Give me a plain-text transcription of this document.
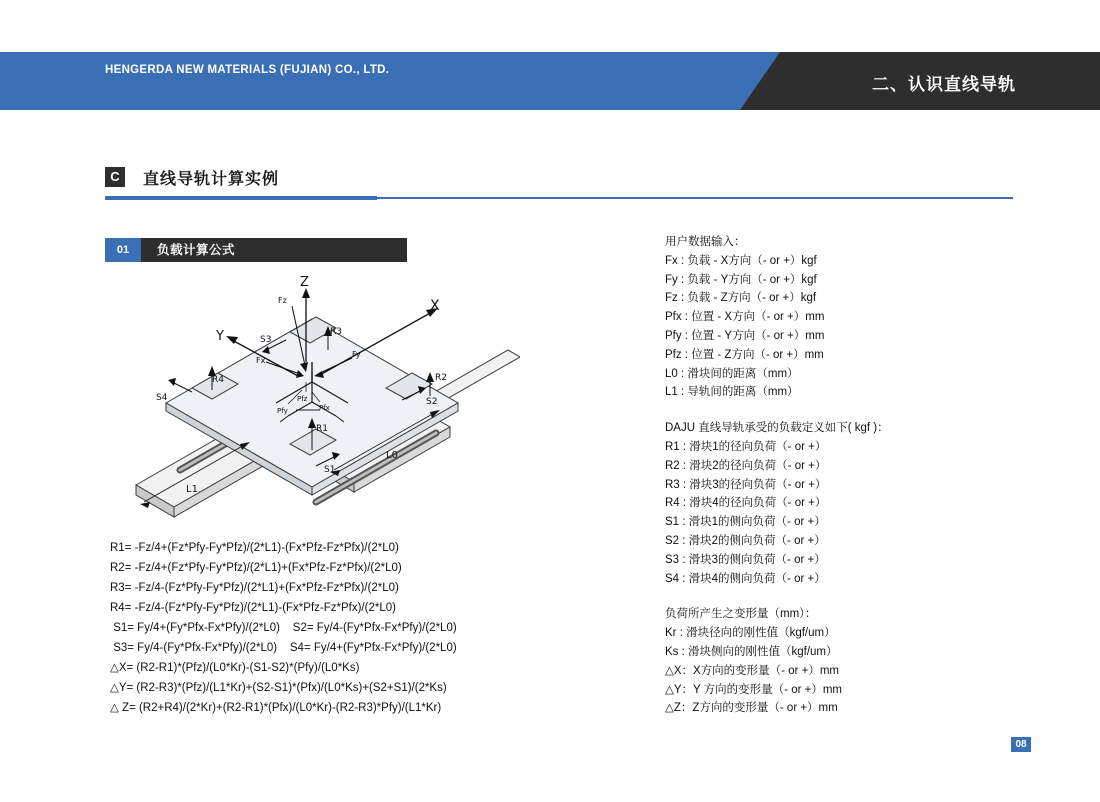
HENGERDA NEW MATERIALS (FUJIAN) CO., LTD.
二、认识直线导轨
C	直线导轨计算实例
01	负载计算公式
Z
X
Y
Fz
Fx
Fy
Pfy	Pfx
Pfz
R1
R2
R3
R4
S1
S2
S3
S4
L0
L1
R1= -Fz/4+(Fz*Pfy-Fy*Pfz)/(2*L1)-(Fx*Pfz-Fz*Pfx)/(2*L0)
R2= -Fz/4+(Fz*Pfy-Fy*Pfz)/(2*L1)+(Fx*Pfz-Fz*Pfx)/(2*L0)
R3= -Fz/4-(Fz*Pfy-Fy*Pfz)/(2*L1)+(Fx*Pfz-Fz*Pfx)/(2*L0)
R4= -Fz/4-(Fz*Pfy-Fy*Pfz)/(2*L1)-(Fx*Pfz-Fz*Pfx)/(2*L0)
S1= Fy/4+(Fy*Pfx-Fx*Pfy)/(2*L0)    S2= Fy/4-(Fy*Pfx-Fx*Pfy)/(2*L0)
S3= Fy/4-(Fy*Pfx-Fx*Pfy)/(2*L0)    S4= Fy/4+(Fy*Pfx-Fx*Pfy)/(2*L0)
△X= (R2-R1)*(Pfz)/(L0*Kr)-(S1-S2)*(Pfy)/(L0*Ks)
△Y= (R2-R3)*(Pfz)/(L1*Kr)+(S2-S1)*(Pfx)/(L0*Ks)+(S2+S1)/(2*Ks)
△ Z= (R2+R4)/(2*Kr)+(R2-R1)*(Pfx)/(L0*Kr)-(R2-R3)*Pfy)/(L1*Kr)
用户数据输入：
Fx : 负载 - X方向（- or +）kgf
Fy : 负载 - Y方向（- or +）kgf
Fz : 负载 - Z方向（- or +）kgf
Pfx : 位置 - X方向（- or +）mm
Pfy : 位置 - Y方向（- or +）mm
Pfz : 位置 - Z方向（- or +）mm
L0 : 滑块间的距离（mm）
L1 : 导轨间的距离（mm）
DAJU 直线导轨承受的负载定义如下( kgf )：
R1 : 滑块1的径向负荷（- or +）
R2 : 滑块2的径向负荷（- or +）
R3 : 滑块3的径向负荷（- or +）
R4 : 滑块4的径向负荷（- or +）
S1 : 滑块1的侧向负荷（- or +）
S2 : 滑块2的侧向负荷（- or +）
S3 : 滑块3的侧向负荷（- or +）
S4 : 滑块4的侧向负荷（- or +）
负荷所产生之变形量（mm）：
Kr : 滑块径向的刚性值（kgf/um）
Ks : 滑块侧向的刚性值（kgf/um）
△X：X方向的变形量（- or +）mm
△Y：Y 方向的变形量（- or +）mm
△Z：Z方向的变形量（- or +）mm
08
